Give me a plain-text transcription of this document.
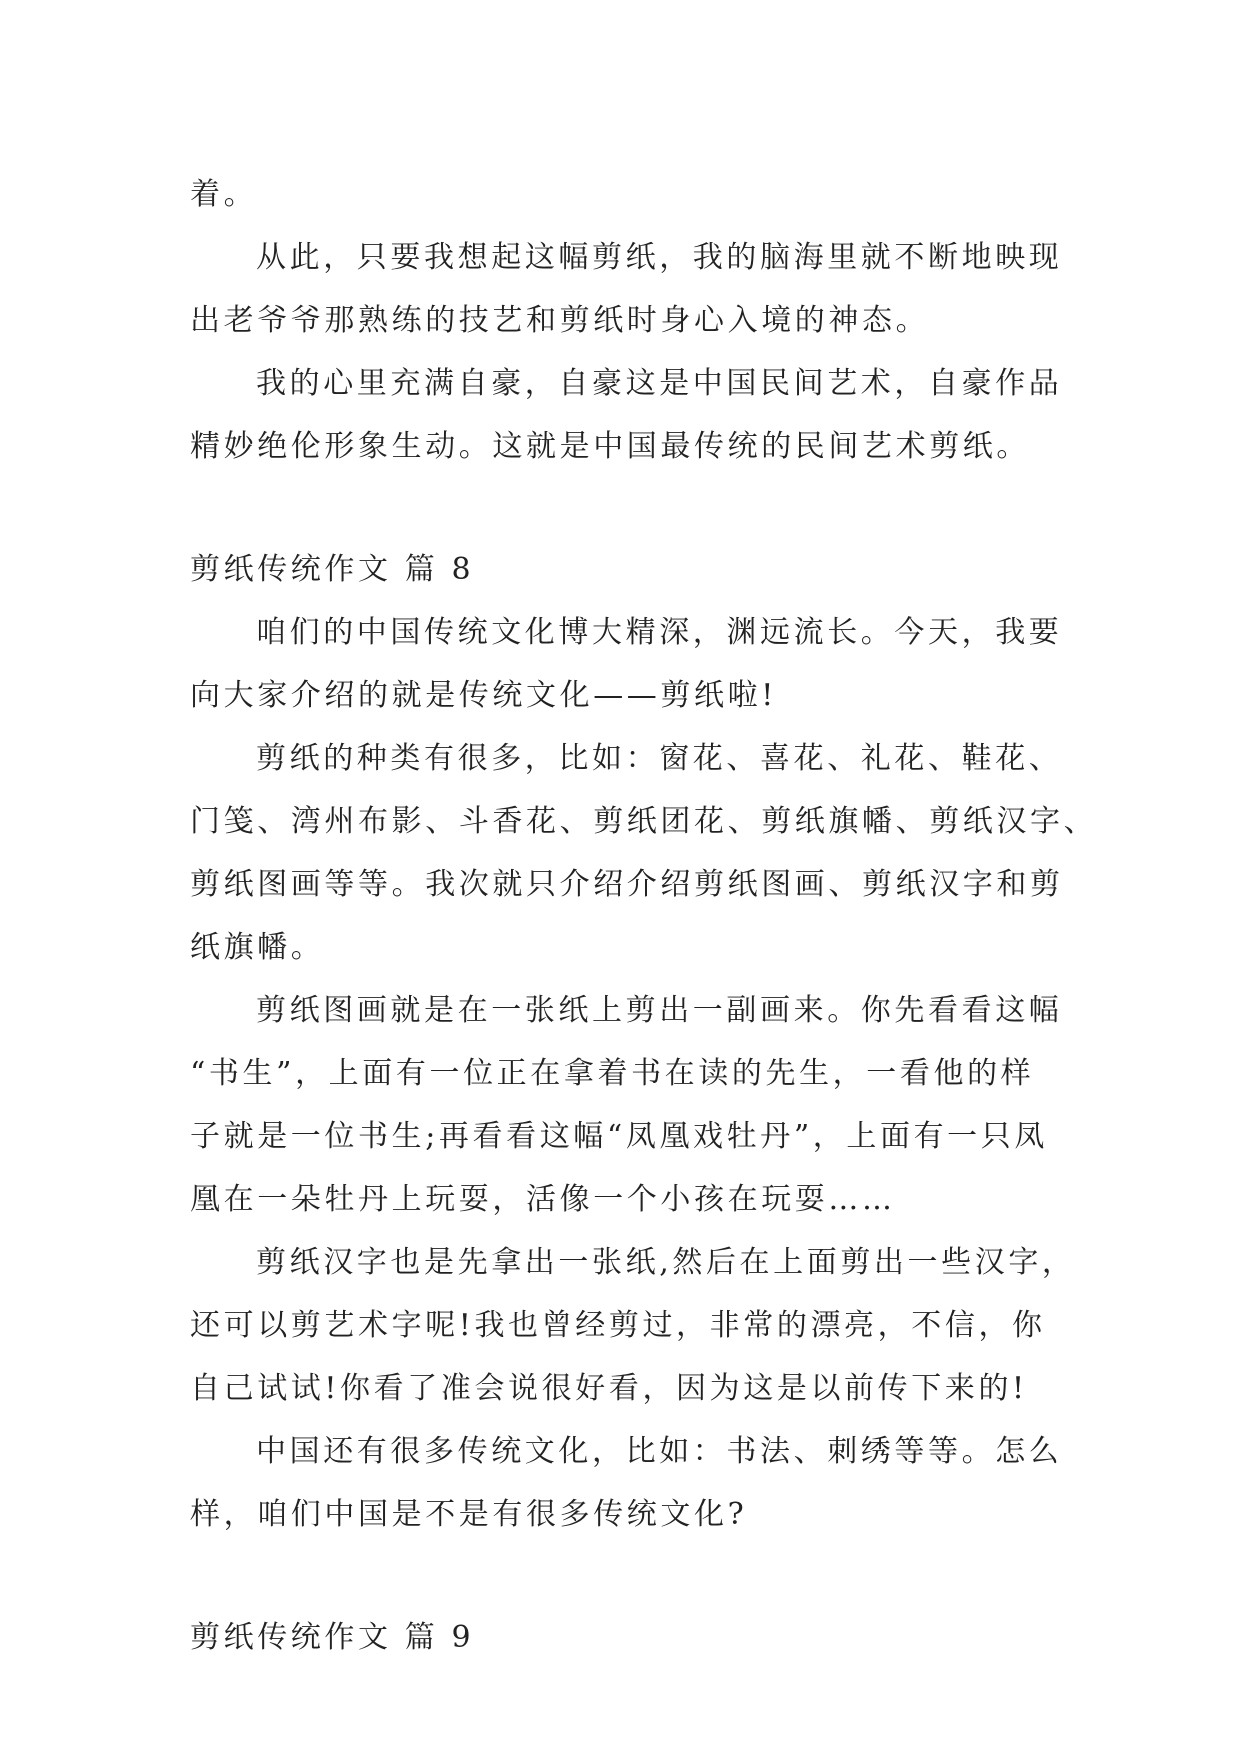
着。
从此，只要我想起这幅剪纸，我的脑海里就不断地映现
出老爷爷那熟练的技艺和剪纸时身心入境的神态。
我的心里充满自豪，自豪这是中国民间艺术，自豪作品
精妙绝伦形象生动。这就是中国最传统的民间艺术剪纸。
剪纸传统作文 篇 8
咱们的中国传统文化博大精深，渊远流长。今天，我要
向大家介绍的就是传统文化——剪纸啦!
剪纸的种类有很多，比如：窗花、喜花、礼花、鞋花、
门笺、湾州布影、斗香花、剪纸团花、剪纸旗幡、剪纸汉字、
剪纸图画等等。我次就只介绍介绍剪纸图画、剪纸汉字和剪
纸旗幡。
剪纸图画就是在一张纸上剪出一副画来。你先看看这幅
“书生”，上面有一位正在拿着书在读的先生，一看他的样
子就是一位书生;再看看这幅“凤凰戏牡丹”，上面有一只凤
凰在一朵牡丹上玩耍，活像一个小孩在玩耍……
剪纸汉字也是先拿出一张纸,然后在上面剪出一些汉字，
还可以剪艺术字呢!我也曾经剪过，非常的漂亮，不信，你
自己试试!你看了准会说很好看，因为这是以前传下来的!
中国还有很多传统文化，比如：书法、刺绣等等。怎么
样，咱们中国是不是有很多传统文化?
剪纸传统作文 篇 9
